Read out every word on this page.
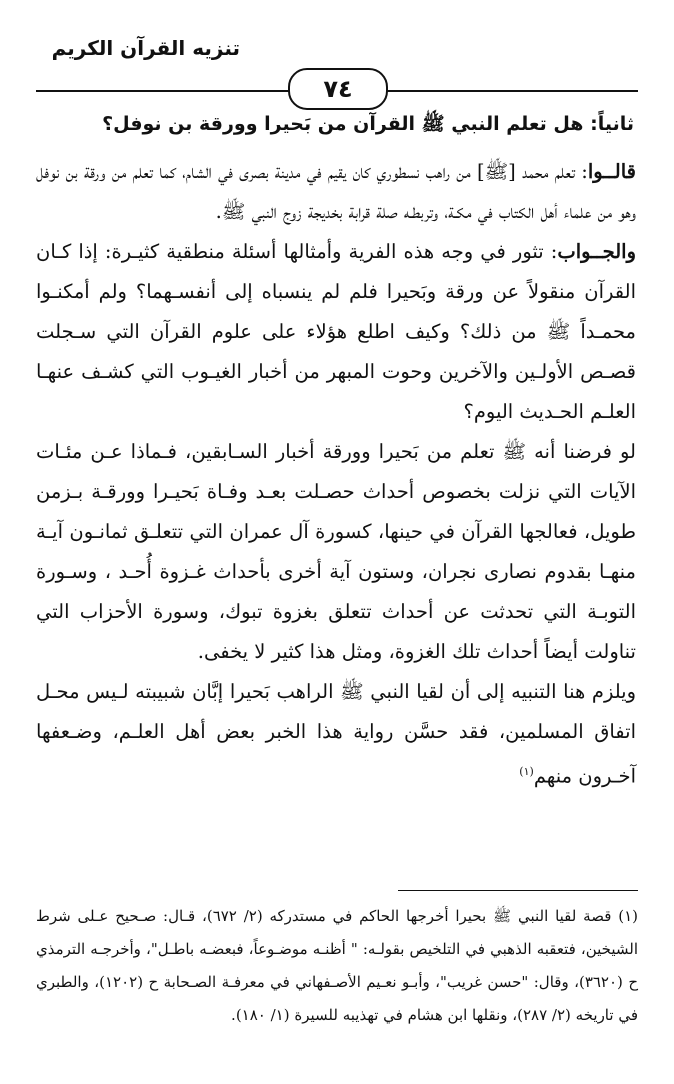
تنزيه القرآن الكريم
٧٤
ثانياً: هل تعلم النبي ﷺ القرآن من بَحيرا وورقة بن نوفل؟

قالــوا: تعلم محمد [ﷺ] من راهب نسطوري كان يقيم في مدينة بصرى في الشام، كما تعلم من ورقة بن نوفل وهو من علماء أهل الكتاب في مكـة، وتربطـه صلة قرابة بخديجة زوج النبي ﷺ.

والجــواب: تثور في وجه هذه الفرية وأمثالها أسئلة منطقية كثيـرة: إذا كـان القرآن منقولاً عن ورقة وبَحيرا فلم لم ينسباه إلى أنفسـهما؟ ولم أمكنـوا محمـداً ﷺ من ذلك؟ وكيف اطلع هؤلاء على علوم القرآن التي سـجلت قصـص الأولـين والآخرين وحوت المبهر من أخبار الغيـوب التي كشـف عنهـا العلـم الحـديث اليوم؟

لو فرضنا أنه ﷺ تعلم من بَحيرا وورقة أخبار السـابقين، فـماذا عـن مئـات الآيات التي نزلت بخصوص أحداث حصـلت بعـد وفـاة بَحيـرا وورقـة بـزمن طويل، فعالجها القرآن في حينها، كسورة آل عمران التي تتعلـق ثمانـون آيـة منهـا بقدوم نصارى نجران، وستون آية أخرى بأحداث غـزوة أُحـد ، وسـورة التوبـة التي تحدثت عن أحداث تتعلق بغزوة تبوك، وسورة الأحزاب التي تناولت أيضاً أحداث تلك الغزوة، ومثل هذا كثير لا يخفى.

ويلزم هنا التنبيه إلى أن لقيا النبي ﷺ الراهب بَحيرا إبَّان شبيبته لـيس محـل اتفاق المسلمين، فقد حسَّن رواية هذا الخبر بعض أهل العلـم، وضـعفها آخـرون منهم$^{(١)}$

(١) قصة لقيا النبي ﷺ بحيرا أخرجها الحاكم في مستدركه (٢/ ٦٧٢)، قـال: صـحيح عـلى شرط الشيخين، فتعقبه الذهبي في التلخيص بقولـه: " أظنـه موضـوعاً، فبعضـه باطـل"، وأخرجـه الترمذي ح (٣٦٢٠)، وقال: "حسن غريب"، وأبـو نعـيم الأصـفهاني في معرفـة الصـحابة ح (١٢٠٢)، والطبري في تاريخه (٢/ ٢٨٧)، ونقلها ابن هشام في تهذيبه للسيرة (١/ ١٨٠).
